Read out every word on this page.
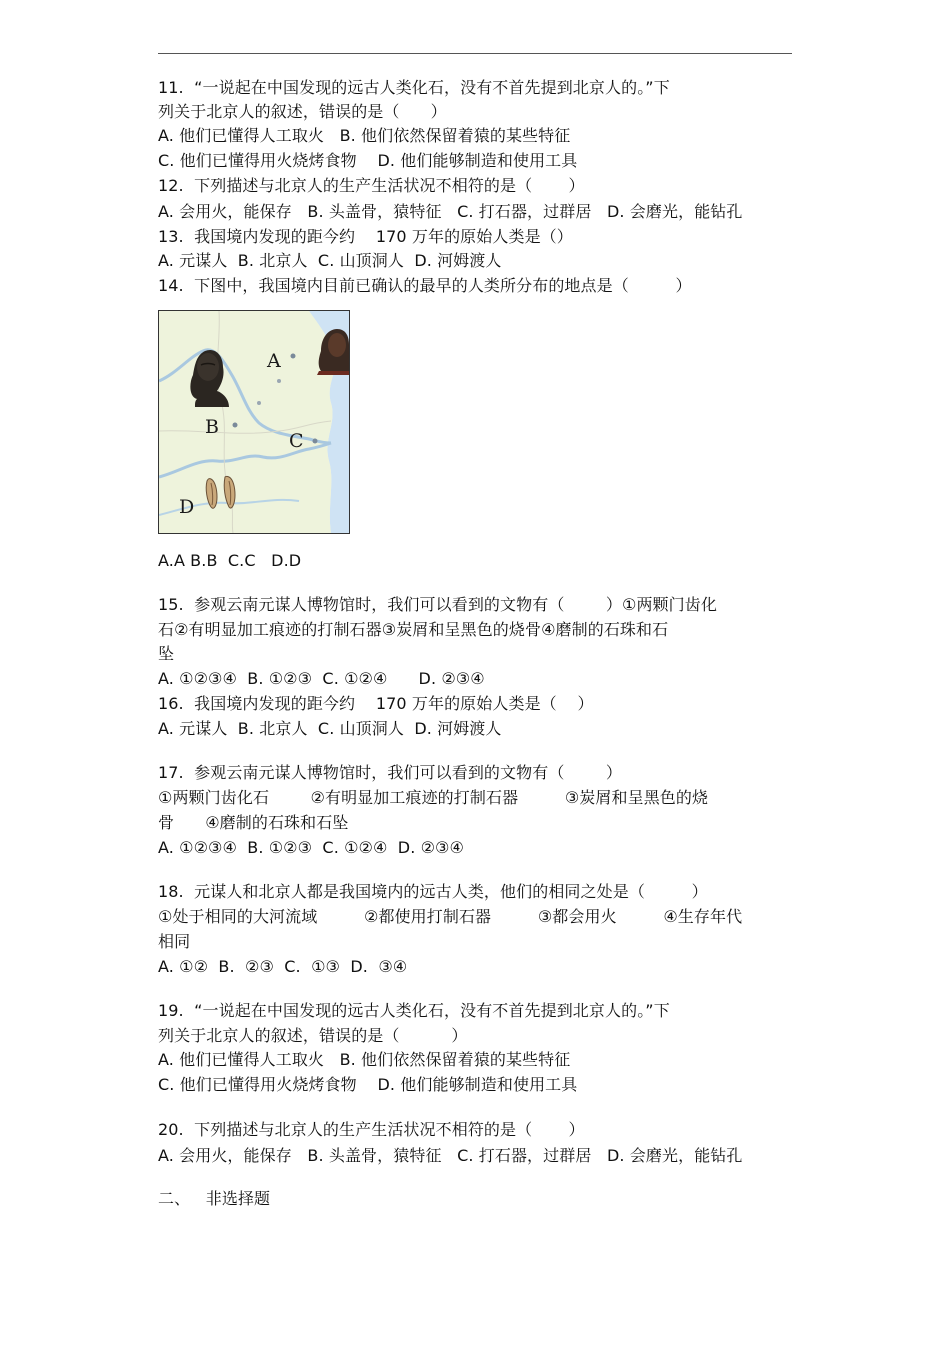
11.  “一说起在中国发现的远古人类化石，没有不首先提到北京人的。”下
列关于北京人的叙述，错误的是（      ）
A. 他们已懂得人工取火   B. 他们依然保留着猿的某些特征
C. 他们已懂得用火烧烤食物    D. 他们能够制造和使用工具
12.  下列描述与北京人的生产生活状况不相符的是（       ）
A. 会用火，能保存   B. 头盖骨，猿特征   C. 打石器，过群居   D. 会磨光，能钻孔
13.  我国境内发现的距今约    170 万年的原始人类是（）
A. 元谋人  B. 北京人  C. 山顶洞人  D. 河姆渡人
14.  下图中，我国境内目前已确认的最早的人类所分布的地点是（         ）
A
B
C
D
A.A B.B  C.C   D.D
15.  参观云南元谋人博物馆时，我们可以看到的文物有（        ）①两颗门齿化
石②有明显加工痕迹的打制石器③炭屑和呈黑色的烧骨④磨制的石珠和石
坠
A. ①②③④  B. ①②③  C. ①②④      D. ②③④
16.  我国境内发现的距今约    170 万年的原始人类是（    ）
A. 元谋人  B. 北京人  C. 山顶洞人  D. 河姆渡人
17.  参观云南元谋人博物馆时，我们可以看到的文物有（        ）
①两颗门齿化石        ②有明显加工痕迹的打制石器         ③炭屑和呈黑色的烧
骨      ④磨制的石珠和石坠
A. ①②③④  B. ①②③  C. ①②④  D. ②③④
18.  元谋人和北京人都是我国境内的远古人类，他们的相同之处是（         ）
①处于相同的大河流域         ②都使用打制石器         ③都会用火         ④生存年代
相同
A. ①②  B.  ②③  C.  ①③  D.  ③④
19.  “一说起在中国发现的远古人类化石，没有不首先提到北京人的。”下
列关于北京人的叙述，错误的是（          ）
A. 他们已懂得人工取火   B. 他们依然保留着猿的某些特征
C. 他们已懂得用火烧烤食物    D. 他们能够制造和使用工具
20.  下列描述与北京人的生产生活状况不相符的是（       ）
A. 会用火，能保存   B. 头盖骨，猿特征   C. 打石器，过群居   D. 会磨光，能钻孔
二、   非选择题
